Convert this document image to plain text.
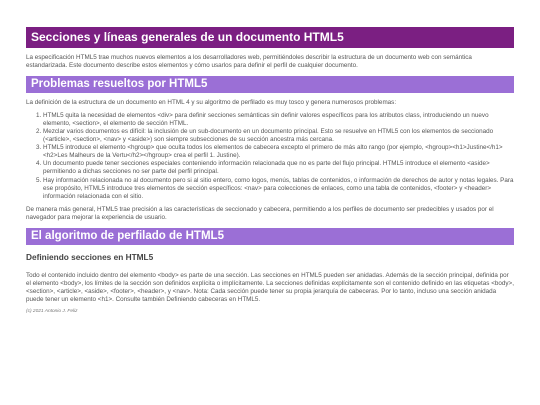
Secciones y líneas generales de un documento HTML5

La especificación HTML5 trae muchos nuevos elementos a los desarrolladores web, permitiéndoles describir la estructura de un documento web con semántica estandarizada. Este documento describe estos elementos y cómo usarlos para definir el perfil de cualquier documento.

Problemas resueltos por HTML5

La definición de la estructura de un documento en HTML 4 y su algoritmo de perfilado es muy tosco y genera numerosos problemas:

1. HTML5 quita la necesidad de elementos <div> para definir secciones semánticas sin definir valores específicos para los atributos class, introduciendo un nuevo elemento, <section>, el elemento de sección HTML.
2. Mezclar varios documentos es difícil: la inclusión de un sub-documento en un documento principal. Esto se resuelve en HTML5 con los elementos de seccionado (<article>, <section>, <nav> y <aside>) son siempre subsecciones de su sección ancestra más cercana.
3. HTML5 introduce el elemento <hgroup> que oculta todos los elementos de cabecera excepto el primero de más alto rango (por ejemplo, <hgroup><h1>Justine</h1><h2>Les Malheurs de la Vertu</h2></hgroup> crea el perfil 1. Justine).
4. Un documento puede tener secciones especiales conteniendo información relacionada que no es parte del flujo principal. HTML5 introduce el elemento <aside> permitiendo a dichas secciones no ser parte del perfil principal.
5. Hay información relacionada no al documento pero si al sitio entero, como logos, menús, tablas de contenidos, o información de derechos de autor y notas legales. Para ese propósito, HTML5 introduce tres elementos de sección específicos: <nav> para colecciones de enlaces, como una tabla de contenidos, <footer> y <header> información relacionada con el sitio.

De manera más general, HTML5 trae precisión a las características de seccionado y cabecera, permitiendo a los perfiles de documento ser predecibles y usados por el navegador para mejorar la experiencia de usuario.

El algoritmo de perfilado de HTML5
Definiendo secciones en HTML5

Todo el contenido incluido dentro del elemento <body> es parte de una sección. Las secciones en HTML5 pueden ser anidadas. Además de la sección principal, definida por el elemento <body>, los límites de la sección son definidos explícita o implícitamente. La secciones definidas explícitamente son el contenido definido en las etiquetas <body>, <section>, <article>, <aside>, <footer>, <header>, y <nav>. Nota: Cada sección puede tener su propia jerarquía de cabeceras. Por lo tanto, incluso una sección anidada puede tener un elemento <h1>. Consulte también Definiendo cabeceras en HTML5.

(c) 2021 Antonio J. Feliz
